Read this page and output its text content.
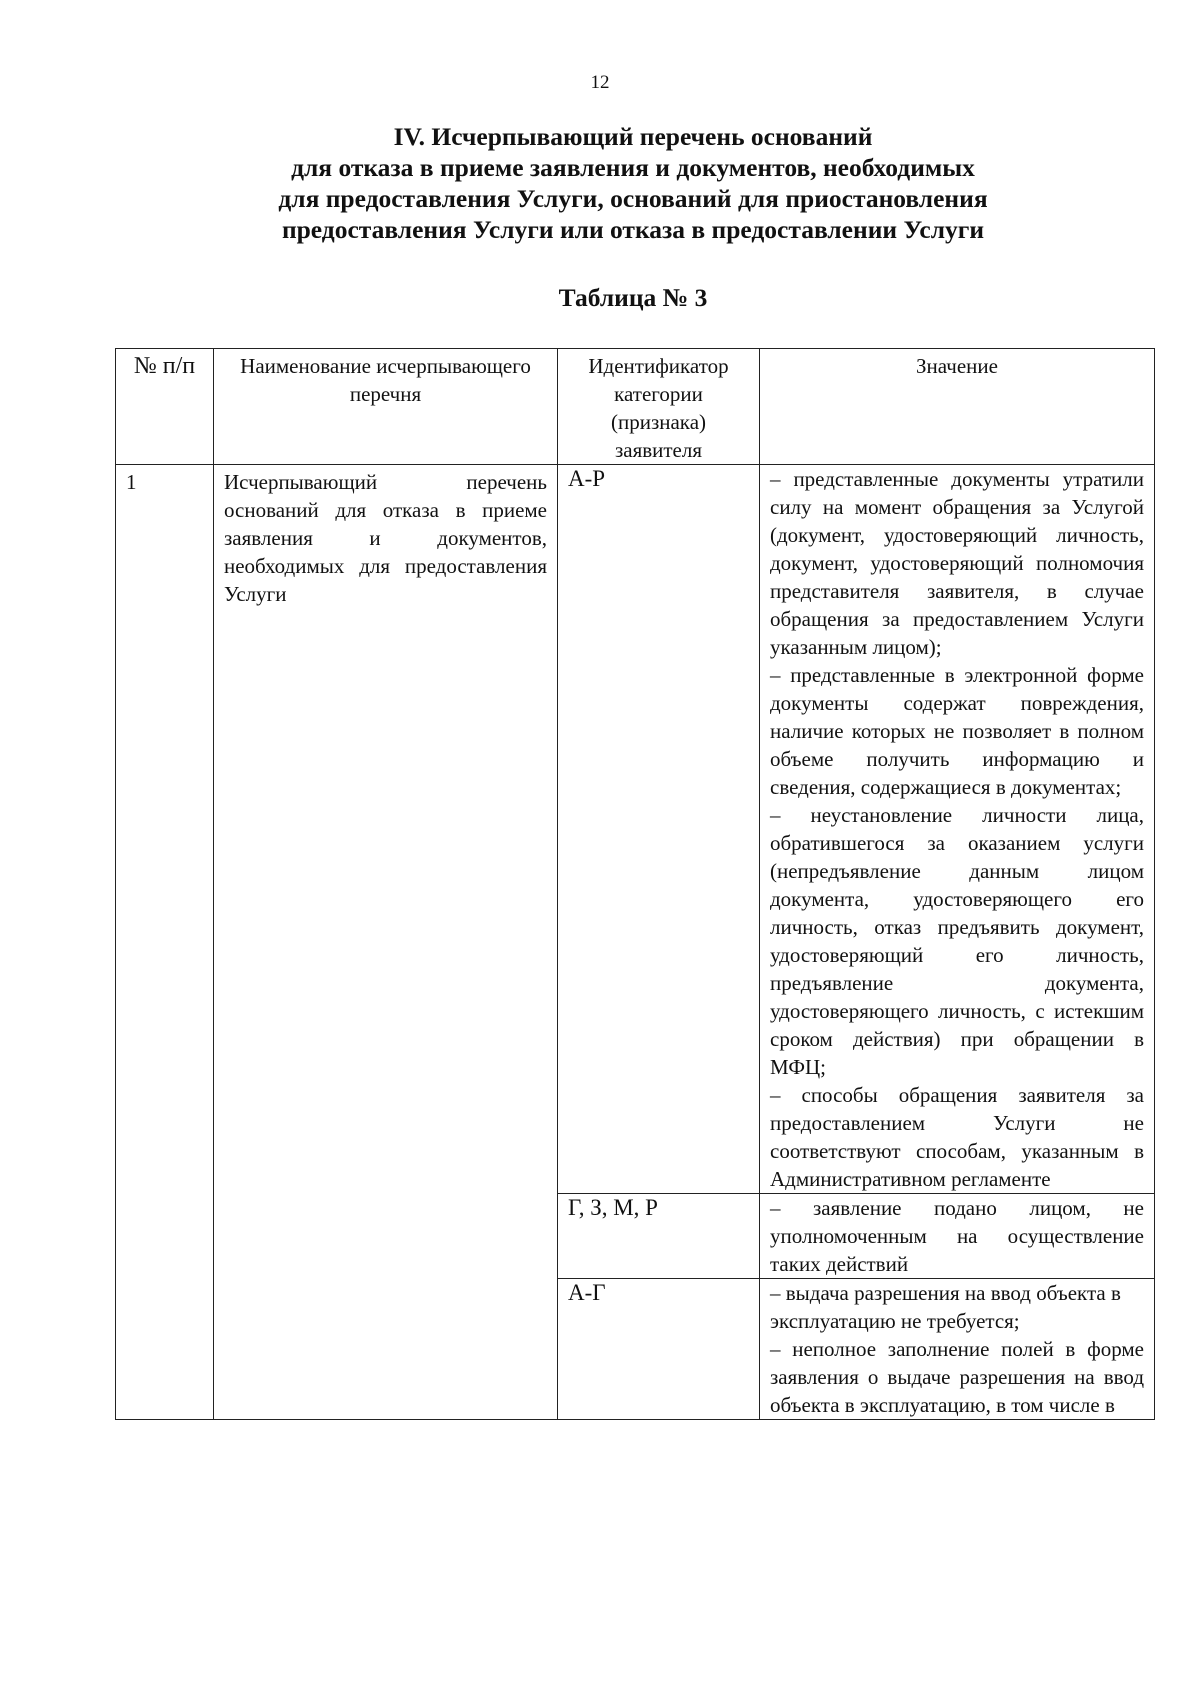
12
IV. Исчерпывающий перечень оснований
для отказа в приеме заявления и документов, необходимых
для предоставления Услуги, оснований для приостановления
предоставления Услуги или отказа в предоставлении Услуги
Таблица № 3
№ п/п	Наименование исчерпывающего перечня	Идентификатор категории (признака) заявителя	Значение
1	Исчерпывающий перечень оснований для отказа в приеме заявления и документов, необходимых для предоставления Услуги	А-Р	– представленные документы утратили силу на момент обращения за Услугой (документ, удостоверяющий личность, документ, удостоверяющий полномочия представителя заявителя, в случае обращения за предоставлением Услуги указанным лицом);

– представленные в электронной форме документы содержат повреждения, наличие которых не позволяет в полном объеме получить информацию и сведения, содержащиеся в документах;

– неустановление личности лица, обратившегося за оказанием услуги (непредъявление данным лицом документа, удостоверяющего его личность, отказ предъявить документ, удостоверяющий его личность, предъявление документа, удостоверяющего личность, с истекшим сроком действия) при обращении в МФЦ;

– способы обращения заявителя за предоставлением Услуги не соответствуют способам, указанным в Административном регламенте

		Г, З, М, Р	– заявление подано лицом, не уполномоченным на осуществление таких действий

		А-Г	– выдача разрешения на ввод объекта в эксплуатацию не требуется;

– неполное заполнение полей в форме заявления о выдаче разрешения на ввод объекта в эксплуатацию, в том числе в
